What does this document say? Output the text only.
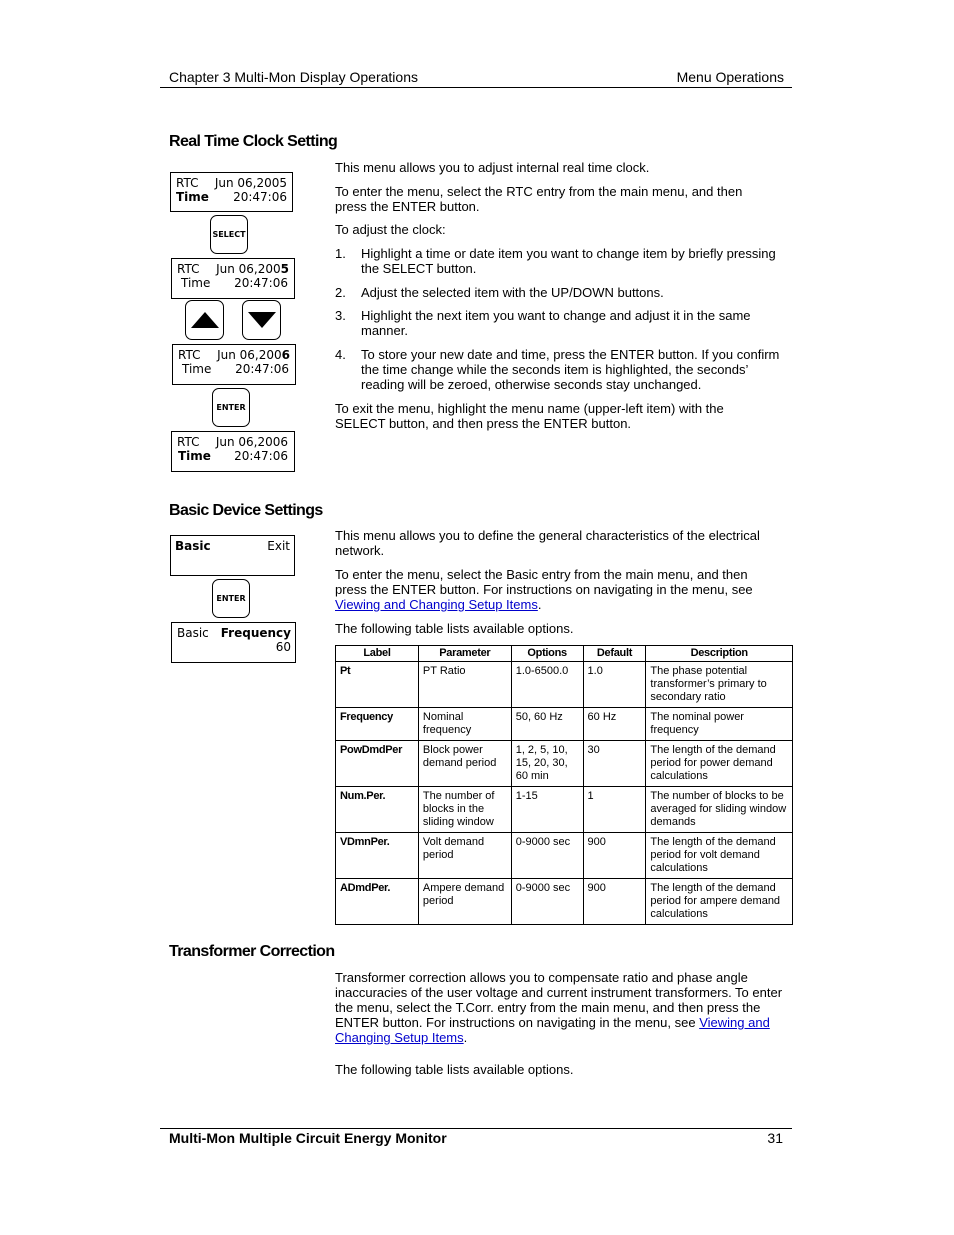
Chapter 3 Multi-Mon Display Operations	Menu Operations
Real Time Clock Setting
RTC
Time
Jun 06,2005
20:47:06
SELECT
RTC
Time
Jun 06,2005
20:47:06
RTC
Time
Jun 06,2006
20:47:06
ENTER
RTC
Time
Jun 06,2006
20:47:06
This menu allows you to adjust internal real time clock.
To enter the menu, select the RTC entry from the main menu, and then press the ENTER button.
To adjust the clock:
1. Highlight a time or date item you want to change item by briefly pressing the SELECT button.
2. Adjust the selected item with the UP/DOWN buttons.
3. Highlight the next item you want to change and adjust it in the same manner.
4. To store your new date and time, press the ENTER button. If you confirm the time change while the seconds item is highlighted, the seconds’ reading will be zeroed, otherwise seconds stay unchanged.
To exit the menu, highlight the menu name (upper-left item) with the SELECT button, and then press the ENTER button.
Basic Device Settings
Basic	Exit
ENTER
Basic Frequency
60
This menu allows you to define the general characteristics of the electrical network.
To enter the menu, select the Basic entry from the main menu, and then press the ENTER button. For instructions on navigating in the menu, see Viewing and Changing Setup Items.
The following table lists available options.
Label	Parameter	Options	Default	Description
Pt	PT Ratio	1.0-6500.0	1.0	The phase potential transformer’s primary to secondary ratio
Frequency	Nominal frequency	50, 60 Hz	60 Hz	The nominal power frequency
PowDmdPer	Block power demand period	1, 2, 5, 10, 15, 20, 30, 60 min	30	The length of the demand period for power demand calculations
Num.Per.	The number of blocks in the sliding window	1-15	1	The number of blocks to be averaged for sliding window demands
VDmnPer.	Volt demand period	0-9000 sec	900	The length of the demand period for volt demand calculations
ADmdPer.	Ampere demand period	0-9000 sec	900	The length of the demand period for ampere demand calculations
Transformer Correction
Transformer correction allows you to compensate ratio and phase angle inaccuracies of the user voltage and current instrument transformers. To enter the menu, select the T.Corr. entry from the main menu, and then press the ENTER button. For instructions on navigating in the menu, see Viewing and Changing Setup Items.
The following table lists available options.
Multi-Mon Multiple Circuit Energy Monitor	31
